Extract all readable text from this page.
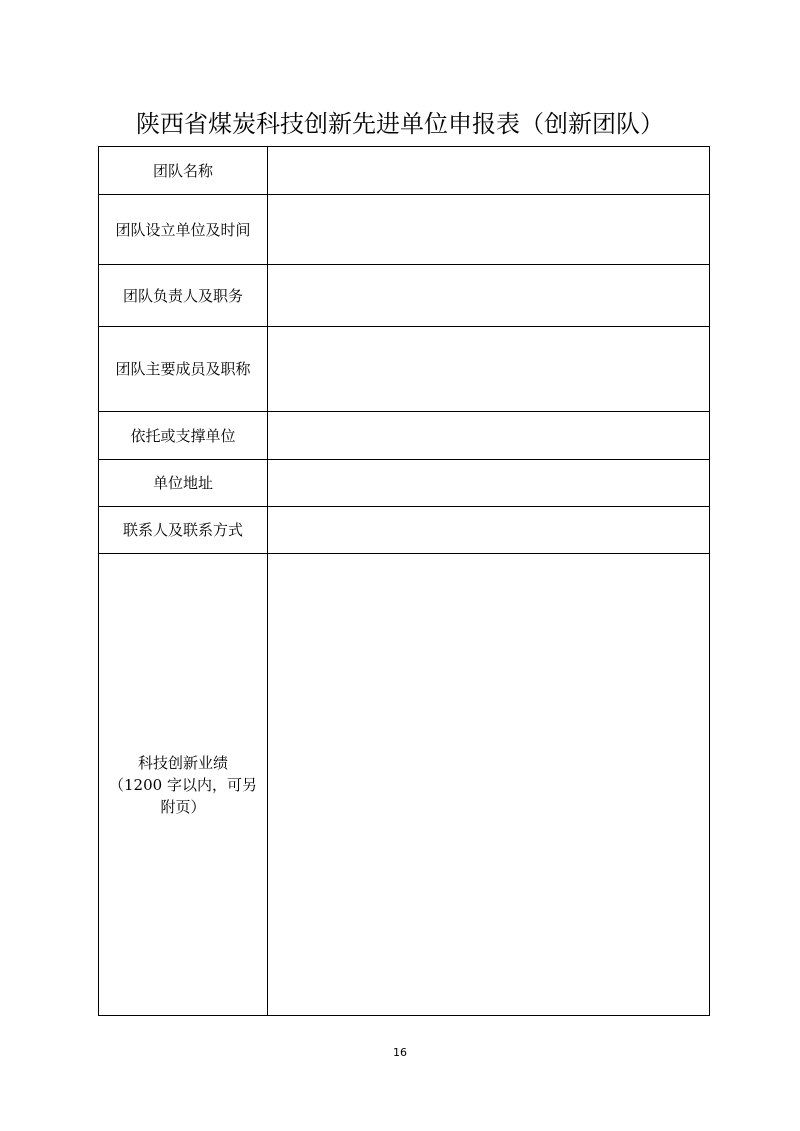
陕西省煤炭科技创新先进单位申报表（创新团队）
团队名称	

团队设立单位及时间	

团队负责人及职务	

团队主要成员及职称	

依托或支撑单位	

单位地址	

联系人及联系方式	

科技创新业绩
（1200 字以内，可另
附页）	

16
